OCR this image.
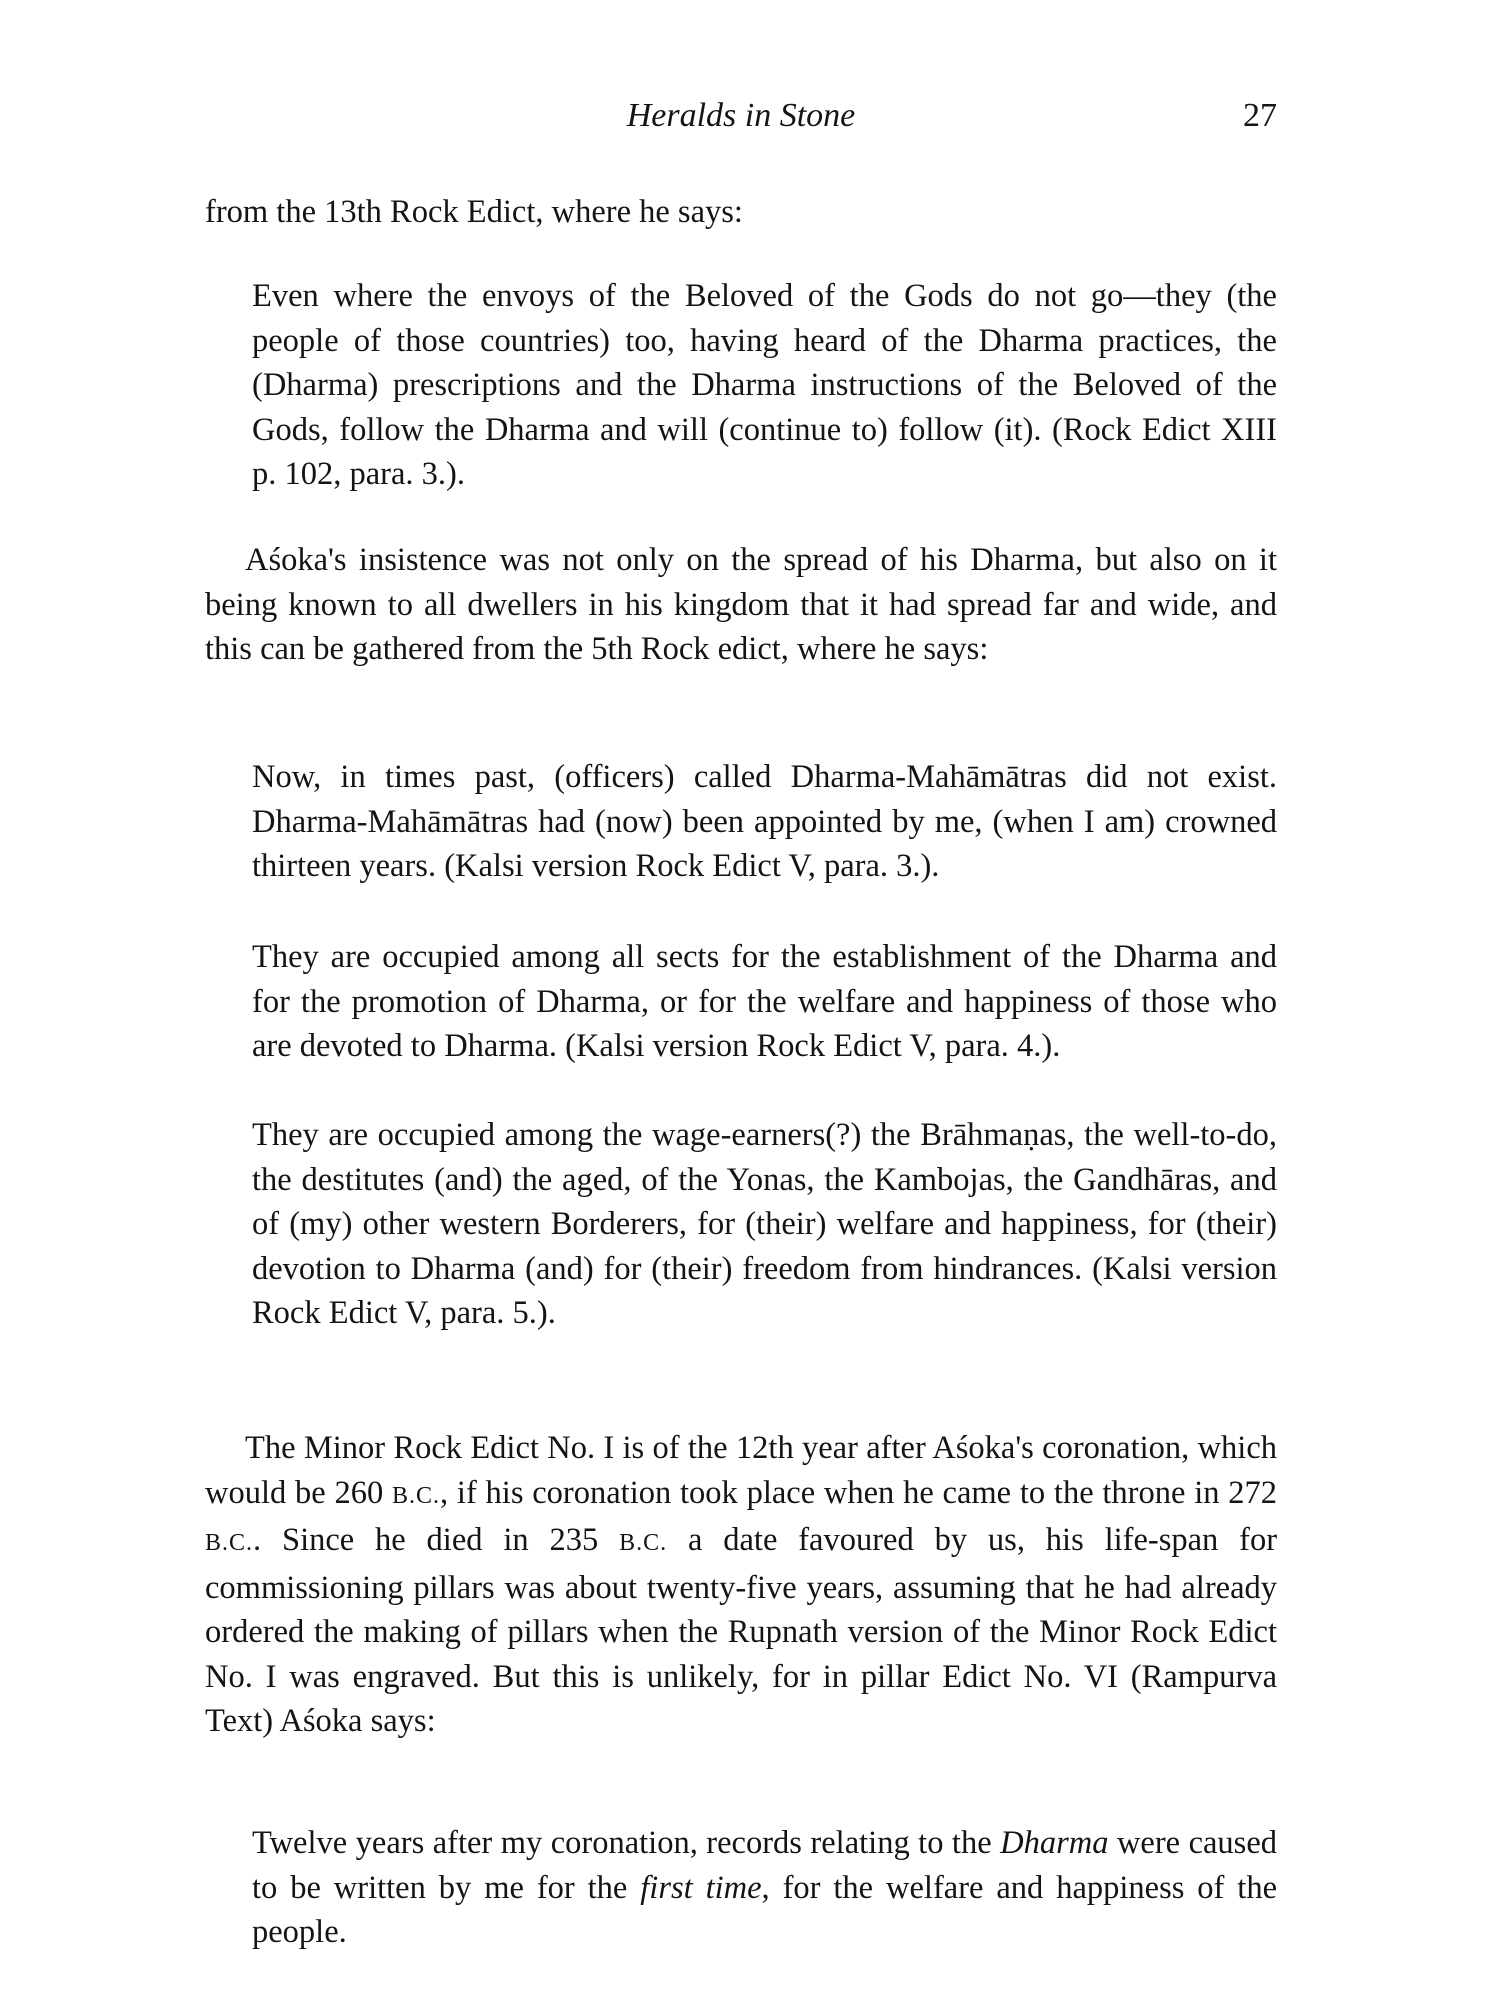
Heralds in Stone	27

from the 13th Rock Edict, where he says:

Even where the envoys of the Beloved of the Gods do not go—they (the people of those countries) too, having heard of the Dharma practices, the (Dharma) prescriptions and the Dharma instructions of the Beloved of the Gods, follow the Dharma and will (continue to) follow (it). (Rock Edict XIII p. 102, para. 3.).

Aśoka's insistence was not only on the spread of his Dharma, but also on it being known to all dwellers in his kingdom that it had spread far and wide, and this can be gathered from the 5th Rock edict, where he says:

Now, in times past, (officers) called Dharma-Mahāmātras did not exist. Dharma-Mahāmātras had (now) been appointed by me, (when I am) crowned thirteen years. (Kalsi version Rock Edict V, para. 3.).

They are occupied among all sects for the establishment of the Dharma and for the promotion of Dharma, or for the welfare and happiness of those who are devoted to Dharma. (Kalsi version Rock Edict V, para. 4.).

They are occupied among the wage-earners(?) the Brāhmaṇas, the well-to-do, the destitutes (and) the aged, of the Yonas, the Kambojas, the Gandhāras, and of (my) other western Borderers, for (their) welfare and happiness, for (their) devotion to Dharma (and) for (their) freedom from hindrances. (Kalsi version Rock Edict V, para. 5.).

The Minor Rock Edict No. I is of the 12th year after Aśoka's coronation, which would be 260 B.C., if his coronation took place when he came to the throne in 272 B.C.. Since he died in 235 B.C. a date favoured by us, his life-span for commissioning pillars was about twenty-five years, assuming that he had already ordered the making of pillars when the Rupnath version of the Minor Rock Edict No. I was engraved. But this is unlikely, for in pillar Edict No. VI (Rampurva Text) Aśoka says:

Twelve years after my coronation, records relating to the Dharma were caused to be written by me for the first time, for the welfare and happiness of the people.
